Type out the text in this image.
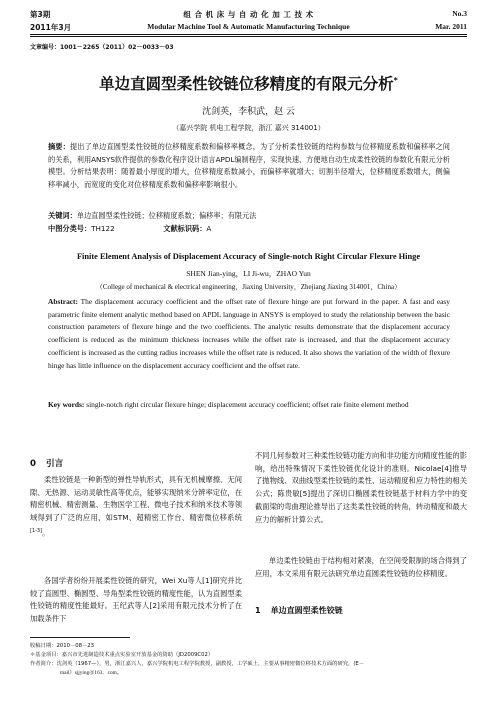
第3期	组 合 机 床 与 自 动 化 加 工 技 术	No.3
2011年3月	Modular Machine Tool & Automatic Manufacturing Technique	Mar. 2011
文章编号：1001－2265（2011）02－0033－03
单边直圆型柔性铰链位移精度的有限元分析*
沈剑英，李积武，赵 云
（嘉兴学院 机电工程学院，浙江 嘉兴 314001）
摘要：提出了单边直圆型柔性铰链的位移精度系数和偏移率概念，为了分析柔性铰链的结构参数与位移精度系数和偏移率之间的关系，利用ANSYS软件提供的参数化程序设计语言APDL编制程序，实现快速、方便地自动生成柔性铰链的参数化有限元分析模型。分析结果表明：随着最小厚度的增大，位移精度系数减小，而偏移率就增大；切割半径增大，位移精度系数增大，侧偏移率减小，而宽度的变化对位移精度系数和偏移率影响很小。
关键词：单边直圆型柔性铰链；位移精度系数；偏移率；有限元法
中图分类号：TH122	文献标识码：A
Finite Element Analysis of Displacement Accuracy of Single-notch Right Circular Flexure Hinge
SHEN Jian-ying，LI Ji-wu，ZHAO Yun
（College of mechanical & electrical engineering，Jiaxing University，Zhejiang Jiaxing 314001，China）
Abstract: The displacement accuracy coefficient and the offset rate of flexure hinge are put forward in the paper. A fast and easy parametric finite element analytic method based on APDL language in ANSYS is employed to study the relationship between the basic construction parameters of flexure hinge and the two coefficients. The analytic results demonstrate that the displacement accuracy coefficient is reduced as the minimum thickness increases while the offset rate is increased, and that the displacement accuracy coefficient is increased as the cutting radius increases while the offset rate is reduced. It also shows the variation of the width of flexure hinge has little influence on the displacement accuracy coefficient and the offset rate.
Key words: single-notch right circular flexure hinge; displacement accuracy coefficient; offset rate finite element method
0 引言
柔性铰链是一种新型的弹性导轨形式，具有无机械摩擦、无间隙、无热源、运动灵敏性高等优点，能够实现纳米分辨率定位，在精密机械、精密测量、生物医学工程、微电子技术和纳米技术等领域得到了广泛的应用，如STM、超精密工作台、精密微位移系统[1-3]。
各国学者纷纷开展柔性铰链的研究，Wei Xu等人[1]研究并比较了直圆型、椭圆型、导角型柔性铰链的精度性能，认为直圆型柔性铰链的精度性能最好。王纪武等人[2]采用有限元技术分析了在加载条件下
不同几何参数对三种柔性铰链功能方向和非功能方向精度性能的影响，给出特殊情况下柔性铰链优化设计的准则。Nicolae[4]推导了抛物线、双曲线型柔性铰链的柔性、运动精度和应力特性的相关公式；陈贵敏[5]提出了深切口椭圆柔性铰链基于材料力学中的变截面梁的弯曲理论推导出了这类柔性铰链的转角，转动精度和最大应力的解析计算公式。
单边柔性铰链由于结构相对紧凑，在空间受限制的场合得到了应用，本文采用有限元法研究单边直圆柔性铰链的位移精度。
1 单边直圆型柔性铰链
收稿日期：2010－08－23
＊基金项目：嘉兴市先进制造技术重点实验室开放基金的资助（JD2009C02）
作者简介：沈剑英（1967—），男，浙江嘉兴人，嘉兴学院机电工程学院教授，副教授，工学硕士，主要从事精密微位移技术方面的研究，(E－
mail）sjjying＠163．com。
